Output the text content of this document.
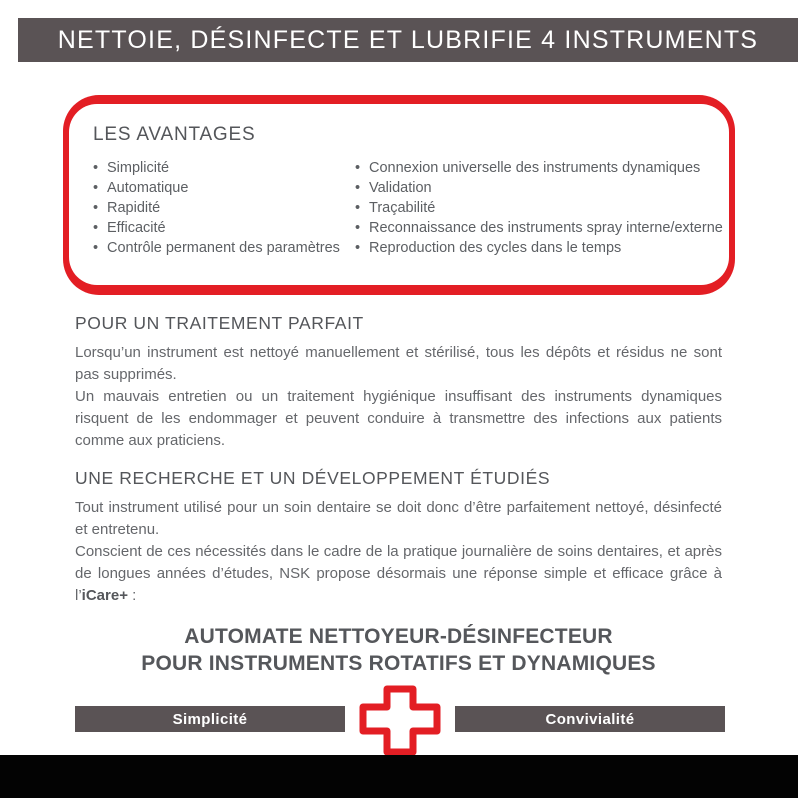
NETTOIE, DÉSINFECTE ET LUBRIFIE 4 INSTRUMENTS
LES AVANTAGES
• Simplicité
• Automatique
• Rapidité
• Efficacité
• Contrôle permanent des paramètres
• Connexion universelle des instruments dynamiques
• Validation
• Traçabilité
• Reconnaissance des instruments spray interne/externe
• Reproduction des cycles dans le temps
POUR UN TRAITEMENT PARFAIT

Lorsqu’un instrument est nettoyé manuellement et stérilisé, tous les dépôts et résidus ne sont pas supprimés.

Un mauvais entretien ou un traitement hygiénique insuffisant des instruments dynamiques risquent de les endommager et peuvent conduire à transmettre des infections aux patients comme aux praticiens.

UNE RECHERCHE ET UN DÉVELOPPEMENT ÉTUDIÉS

Tout instrument utilisé pour un soin dentaire se doit donc d’être parfaitement nettoyé, désinfecté et entretenu.

Conscient de ces nécessités dans le cadre de la pratique journalière de soins dentaires, et après de longues années d’études, NSK propose désormais une réponse simple et efficace grâce à l’iCare+ :

AUTOMATE NETTOYEUR-DÉSINFECTEUR
POUR INSTRUMENTS ROTATIFS ET DYNAMIQUES
Simplicité	Convivialité
